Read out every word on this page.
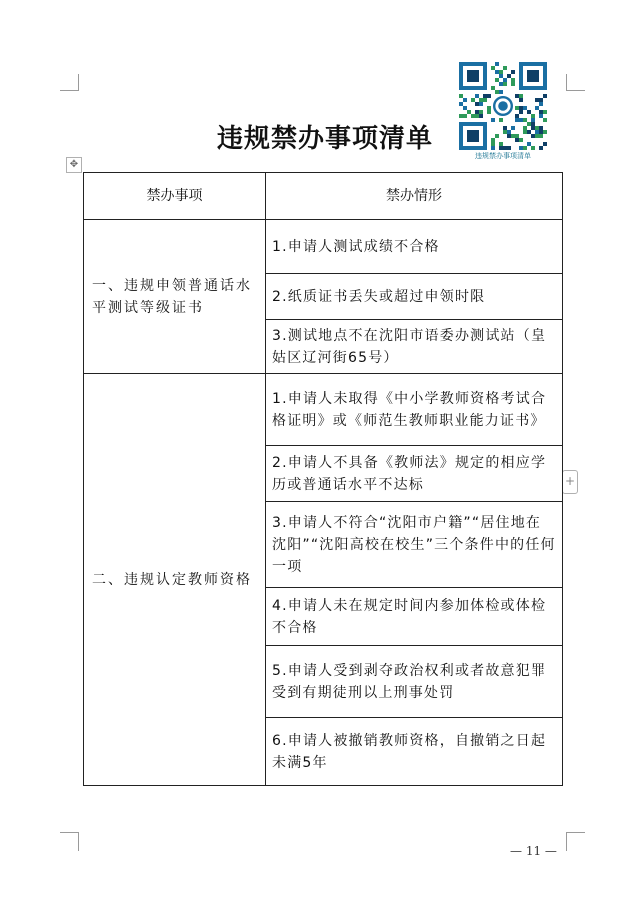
违规禁办事项清单
违规禁办事项清单
✥
+
禁办事项	禁办情形
一、违规申领普通话水平测试等级证书	1.申请人测试成绩不合格
	2.纸质证书丢失或超过申领时限
	3.测试地点不在沈阳市语委办测试站（皇姑区辽河街65号）
二、违规认定教师资格	1.申请人未取得《中小学教师资格考试合格证明》或《师范生教师职业能力证书》
	2.申请人不具备《教师法》规定的相应学历或普通话水平不达标
	3.申请人不符合“沈阳市户籍”“居住地在沈阳”“沈阳高校在校生”三个条件中的任何一项
	4.申请人未在规定时间内参加体检或体检不合格
	5.申请人受到剥夺政治权利或者故意犯罪受到有期徒刑以上刑事处罚
	6.申请人被撤销教师资格，自撤销之日起未满5年
— 11 —
